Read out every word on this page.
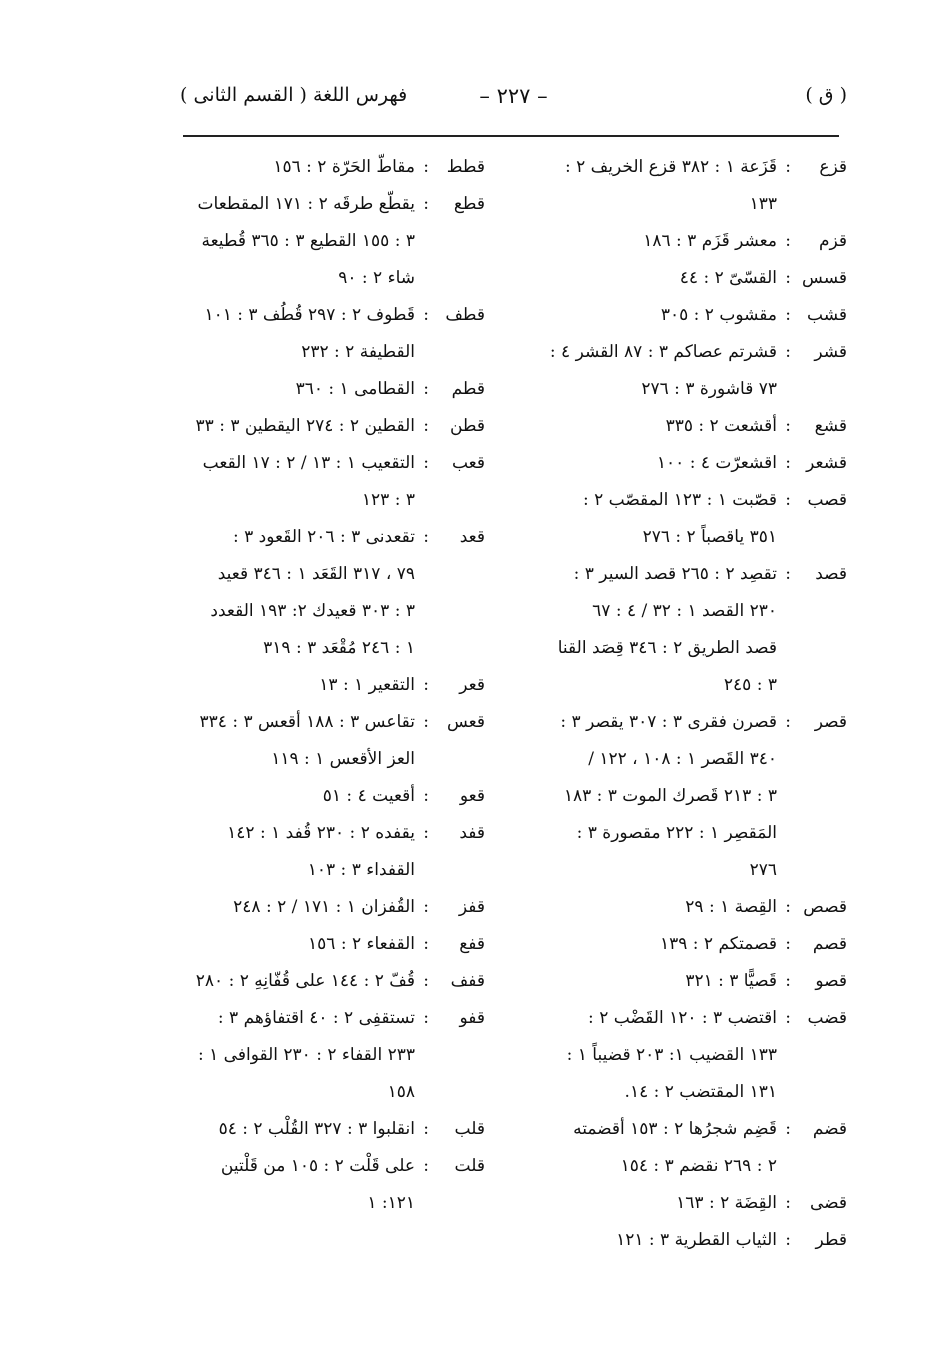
( ق )
– ٢٢٧ –
فهرس اللغة ( القسم الثانى )
قزع
:
قَزَعة ١ : ٣٨٢ قزع الخريف ٢ :
١٣٣
قزم
:
معشر قَزَم ٣ : ١٨٦
قسس
:
القسّىّ ٢ : ٤٤
قشب
:
مقشوب ٢ : ٣٠٥
قشر
:
قشرتم عصاكم ٣ : ٨٧ القشر ٤ :
٧٣ قاشورة ٣ : ٢٧٦
قشع
:
أقشعت ٢ : ٣٣٥
قشعر
:
اقشعرّت ٤ : ١٠٠
قصب
:
قصّبت ١ : ١٢٣ المقصّب ٢ :
٣٥١ ياقصباً ٢ : ٢٧٦
قصد
:
تقصِد ٢ : ٢٦٥ قصد السير ٣ :
٢٣٠ القصد ١ : ٣٢ / ٤ : ٦٧
قصد الطريق ٢ : ٣٤٦ قِصَد القنا
٣ : ٢٤٥
قصر
:
قصرن فقرى ٣ : ٣٠٧ يقصر ٣ :
٣٤٠ القَصر ١ : ١٠٨ ، ١٢٢ /
٣ : ٢١٣ قَصرك الموت ٣ : ١٨٣
المَقصِر ١ : ٢٢٢ مقصورة ٣ :
٢٧٦
قصص
:
القِصة ١ : ٢٩
قصم
:
قصمتكم ٢ : ١٣٩
قصو
:
قَصيًّا ٣ : ٣٢١
قضب
:
اقتضب ٣ : ١٢٠ القَضْب ٢ :
١٣٣ القضيب ١: ٢٠٣ قضيباً ١ :
١٣١ المقتضب ٢ : ١٤.
قضم
:
قَضِم شجرُها ٢ : ١٥٣ أقضمته
٢ : ٢٦٩ نقضم ٣ : ١٥٤
قضى
:
القِضَة ٢ : ١٦٣
قطر
:
الثياب القطرية ٣ : ١٢١
قطط
:
مقاطّ الحَرّة ٢ : ١٥٦
قطع
:
يقطّع طرقَه ٢ : ١٧١ المقطعات
٣ : ١٥٥ القطيع ٣ : ٣٦٥ قُطيعة
شاء ٢ : ٩٠
قطف
:
قَطوف ٢ : ٢٩٧ قُطُف ٣ : ١٠١
القطيفة ٢ : ٢٣٢
قطم
:
القطامى ١ : ٣٦٠
قطن
:
القطين ٢ : ٢٧٤ اليقطين ٣ : ٣٣
قعب
:
التقعيب ١ : ١٣ / ٢ : ١٧ القعب
٣ : ١٢٣
قعد
:
تقعدنى ٣ : ٢٠٦ القَعود ٣ :
٧٩ ، ٣١٧ القَعَد ١ : ٣٤٦ قعيد
٣ : ٣٠٣ قعيدك ٢: ١٩٣ القعدد
١ : ٢٤٦ مُقْعَد ٣ : ٣١٩
قعر
:
التقعير ١ : ١٣
قعس
:
تقاعس ٣ : ١٨٨ أقعس ٣ : ٣٣٤
العز الأقعس ١ : ١١٩
قعو
:
أقعيت ٤ : ٥١
قفد
:
يقفده ٢ : ٢٣٠ قُفد ١ : ١٤٢
القفداء ٣ : ١٠٣
قفز
:
القُفزان ١ : ١٧١ / ٢ : ٢٤٨
قفع
:
القفعاء ٢ : ١٥٦
قفف
:
قُفّ ٢ : ١٤٤ على قُفّانِهِ ٢ : ٢٨٠
قفو
:
تستقفِى ٢ : ٤٠ اقتفاؤهم ٣ :
٢٣٣ القفاء ٢ : ٢٣٠ القوافى ١ :
١٥٨
قلب
:
انقلبوا ٣ : ٣٢٧ القُلْب ٢ : ٥٤
قلت
:
على قَلْت ٢ : ١٠٥ من قَلْتين
١٢١: ١
